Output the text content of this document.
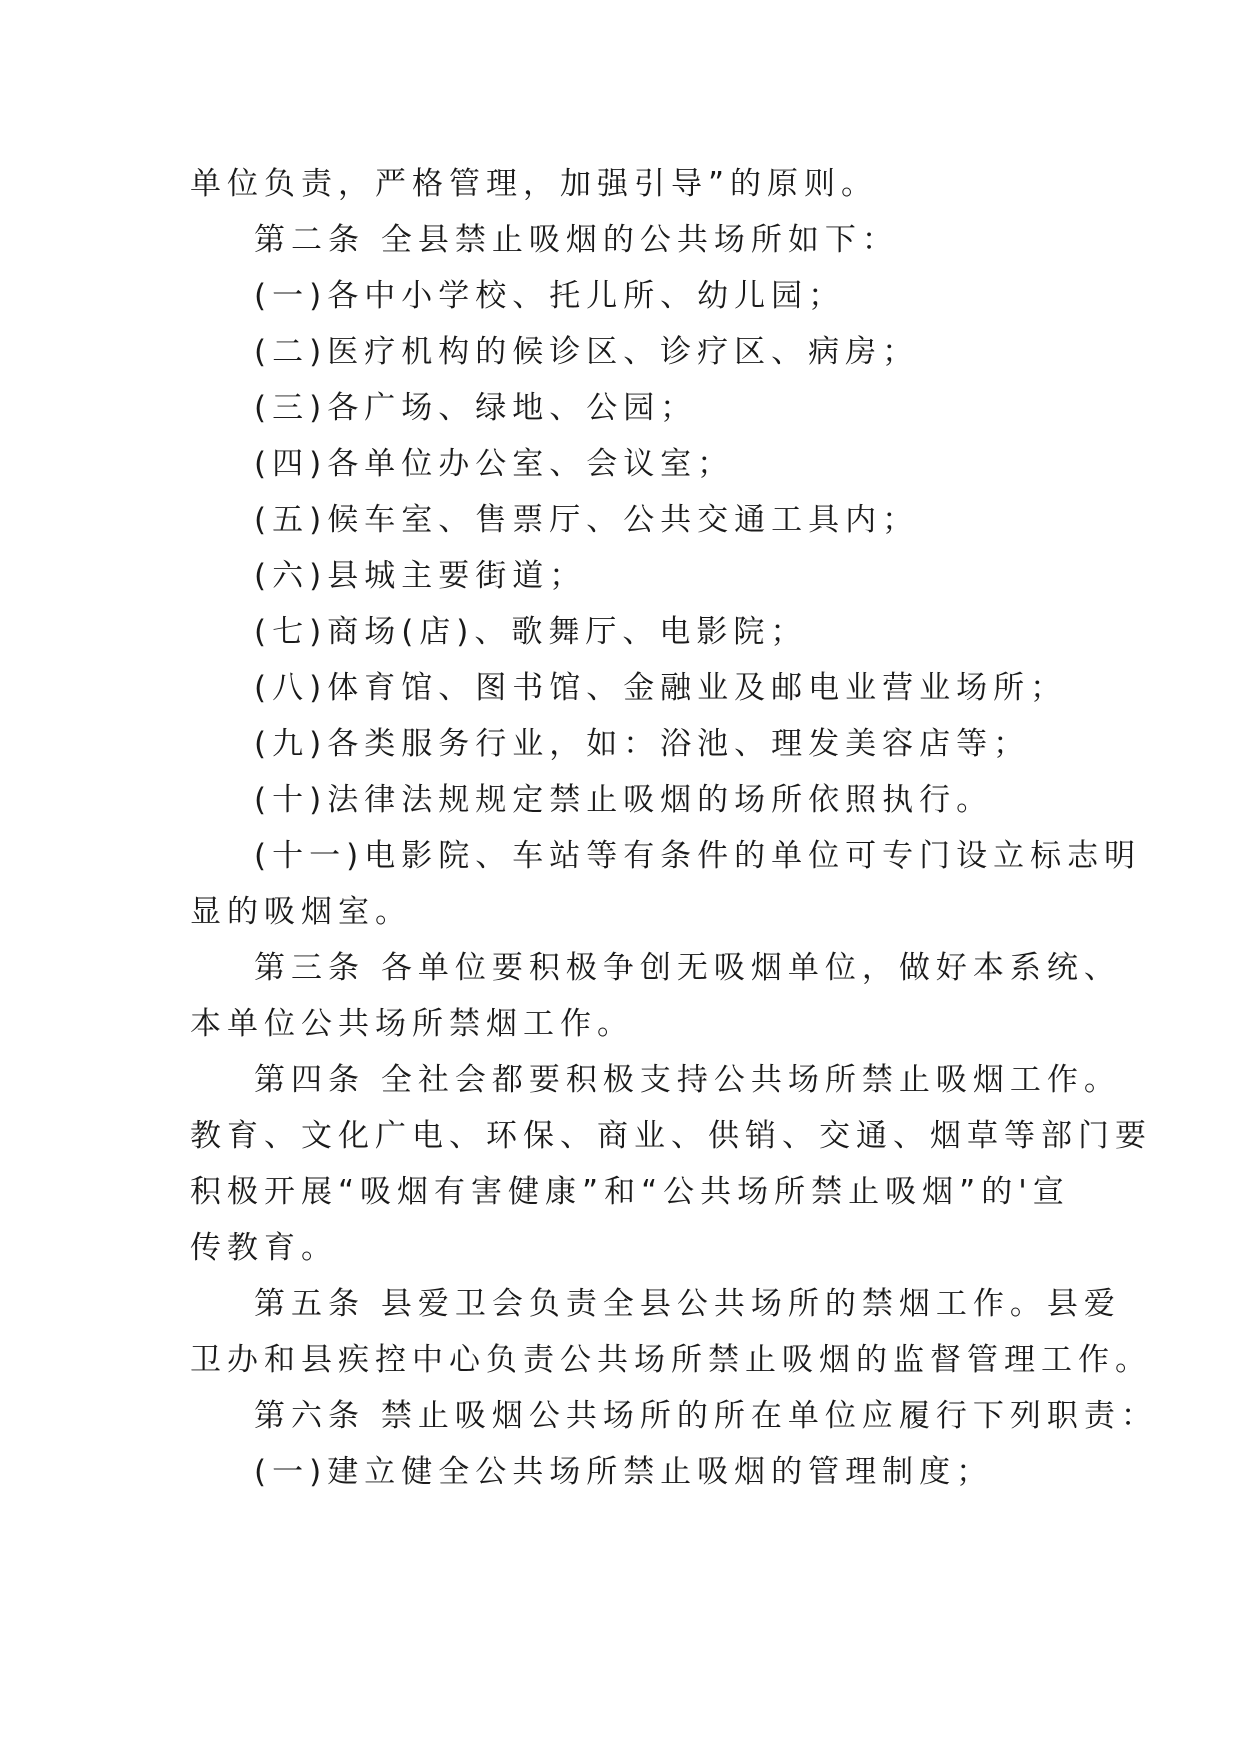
单位负责，严格管理，加强引导”的原则。

第二条 全县禁止吸烟的公共场所如下：

(一)各中小学校、托儿所、幼儿园；

(二)医疗机构的候诊区、诊疗区、病房；

(三)各广场、绿地、公园；

(四)各单位办公室、会议室；

(五)候车室、售票厅、公共交通工具内；

(六)县城主要街道；

(七)商场(店)、歌舞厅、电影院；

(八)体育馆、图书馆、金融业及邮电业营业场所；

(九)各类服务行业，如：浴池、理发美容店等；

(十)法律法规规定禁止吸烟的场所依照执行。

(十一)电影院、车站等有条件的单位可专门设立标志明

显的吸烟室。

第三条 各单位要积极争创无吸烟单位，做好本系统、

本单位公共场所禁烟工作。

第四条 全社会都要积极支持公共场所禁止吸烟工作。

教育、文化广电、环保、商业、供销、交通、烟草等部门要

积极开展“吸烟有害健康”和“公共场所禁止吸烟”的'宣

传教育。

第五条 县爱卫会负责全县公共场所的禁烟工作。县爱

卫办和县疾控中心负责公共场所禁止吸烟的监督管理工作。

第六条 禁止吸烟公共场所的所在单位应履行下列职责：

(一)建立健全公共场所禁止吸烟的管理制度；
